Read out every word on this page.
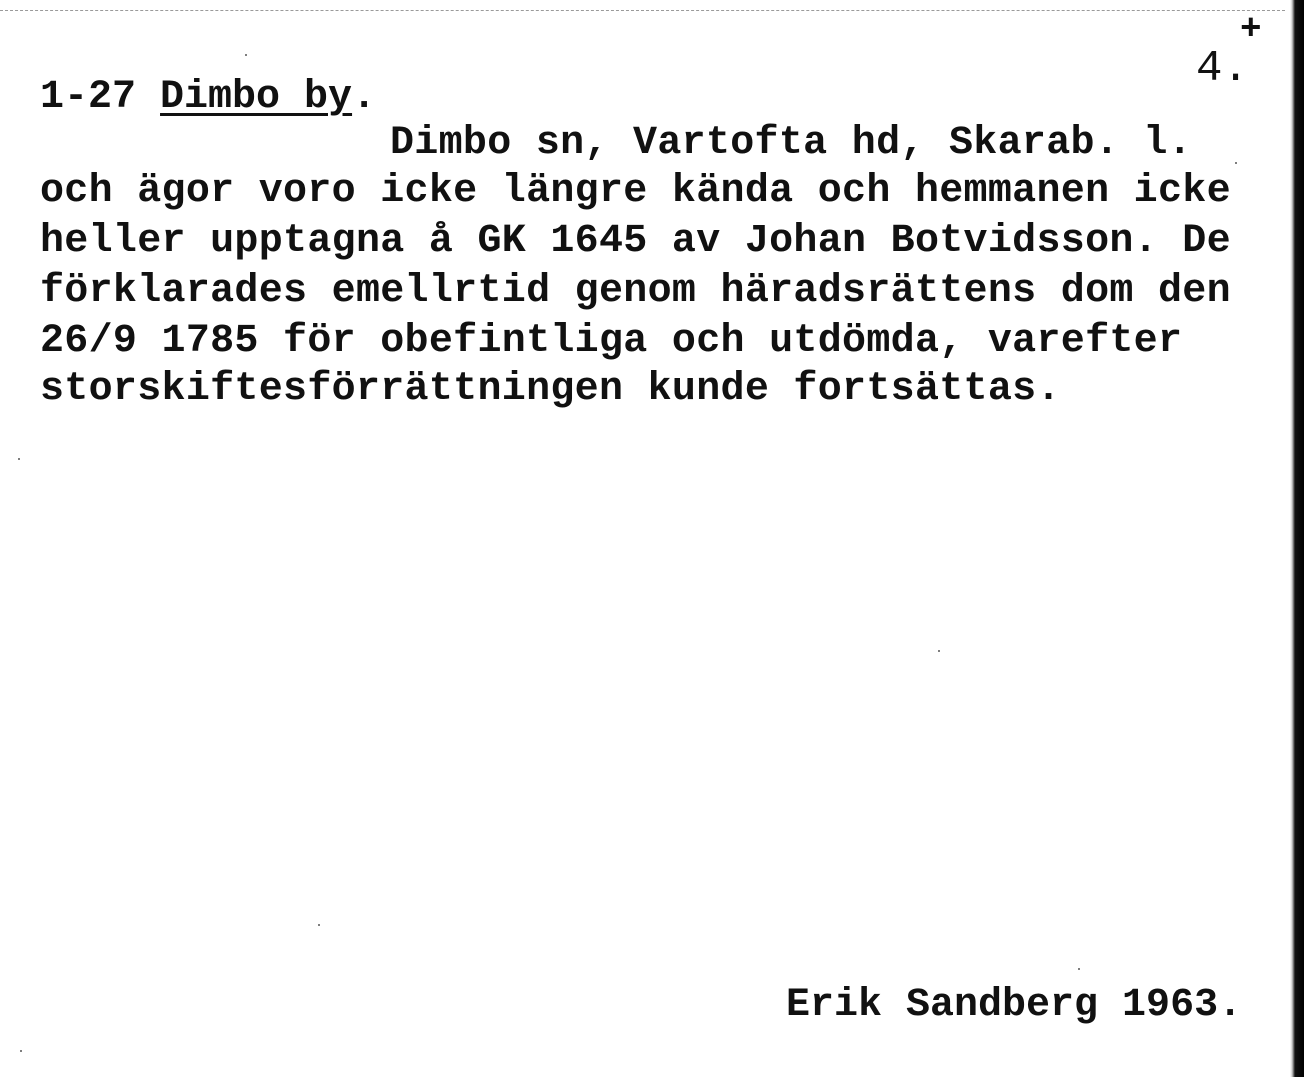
+
4.
1-27 Dimbo by.
Dimbo sn, Vartofta hd, Skarab. l.
och ägor voro icke längre kända och hemmanen icke
heller upptagna å GK 1645 av Johan Botvidsson. De
förklarades emellrtid genom häradsrättens dom den
26/9 1785 för obefintliga och utdömda, varefter
storskiftesförrättningen kunde fortsättas.
Erik Sandberg 1963.
